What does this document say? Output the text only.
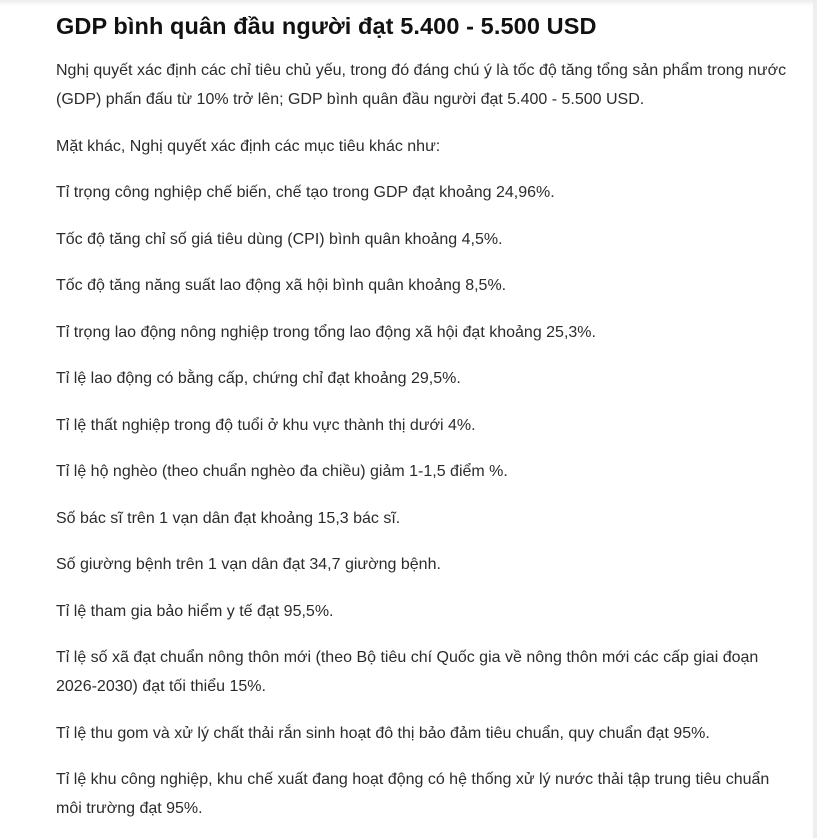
GDP bình quân đầu người đạt 5.400 - 5.500 USD

Nghị quyết xác định các chỉ tiêu chủ yếu, trong đó đáng chú ý là tốc độ tăng tổng sản phẩm trong nước (GDP) phấn đấu từ 10% trở lên; GDP bình quân đầu người đạt 5.400 - 5.500 USD.

Mặt khác, Nghị quyết xác định các mục tiêu khác như:

Tỉ trọng công nghiệp chế biến, chế tạo trong GDP đạt khoảng 24,96%.

Tốc độ tăng chỉ số giá tiêu dùng (CPI) bình quân khoảng 4,5%.

Tốc độ tăng năng suất lao động xã hội bình quân khoảng 8,5%.

Tỉ trọng lao động nông nghiệp trong tổng lao động xã hội đạt khoảng 25,3%.

Tỉ lệ lao động có bằng cấp, chứng chỉ đạt khoảng 29,5%.

Tỉ lệ thất nghiệp trong độ tuổi ở khu vực thành thị dưới 4%.

Tỉ lệ hộ nghèo (theo chuẩn nghèo đa chiều) giảm 1-1,5 điểm %.

Số bác sĩ trên 1 vạn dân đạt khoảng 15,3 bác sĩ.

Số giường bệnh trên 1 vạn dân đạt 34,7 giường bệnh.

Tỉ lệ tham gia bảo hiểm y tế đạt 95,5%.

Tỉ lệ số xã đạt chuẩn nông thôn mới (theo Bộ tiêu chí Quốc gia về nông thôn mới các cấp giai đoạn 2026-2030) đạt tối thiểu 15%.

Tỉ lệ thu gom và xử lý chất thải rắn sinh hoạt đô thị bảo đảm tiêu chuẩn, quy chuẩn đạt 95%.

Tỉ lệ khu công nghiệp, khu chế xuất đang hoạt động có hệ thống xử lý nước thải tập trung tiêu chuẩn môi trường đạt 95%.
